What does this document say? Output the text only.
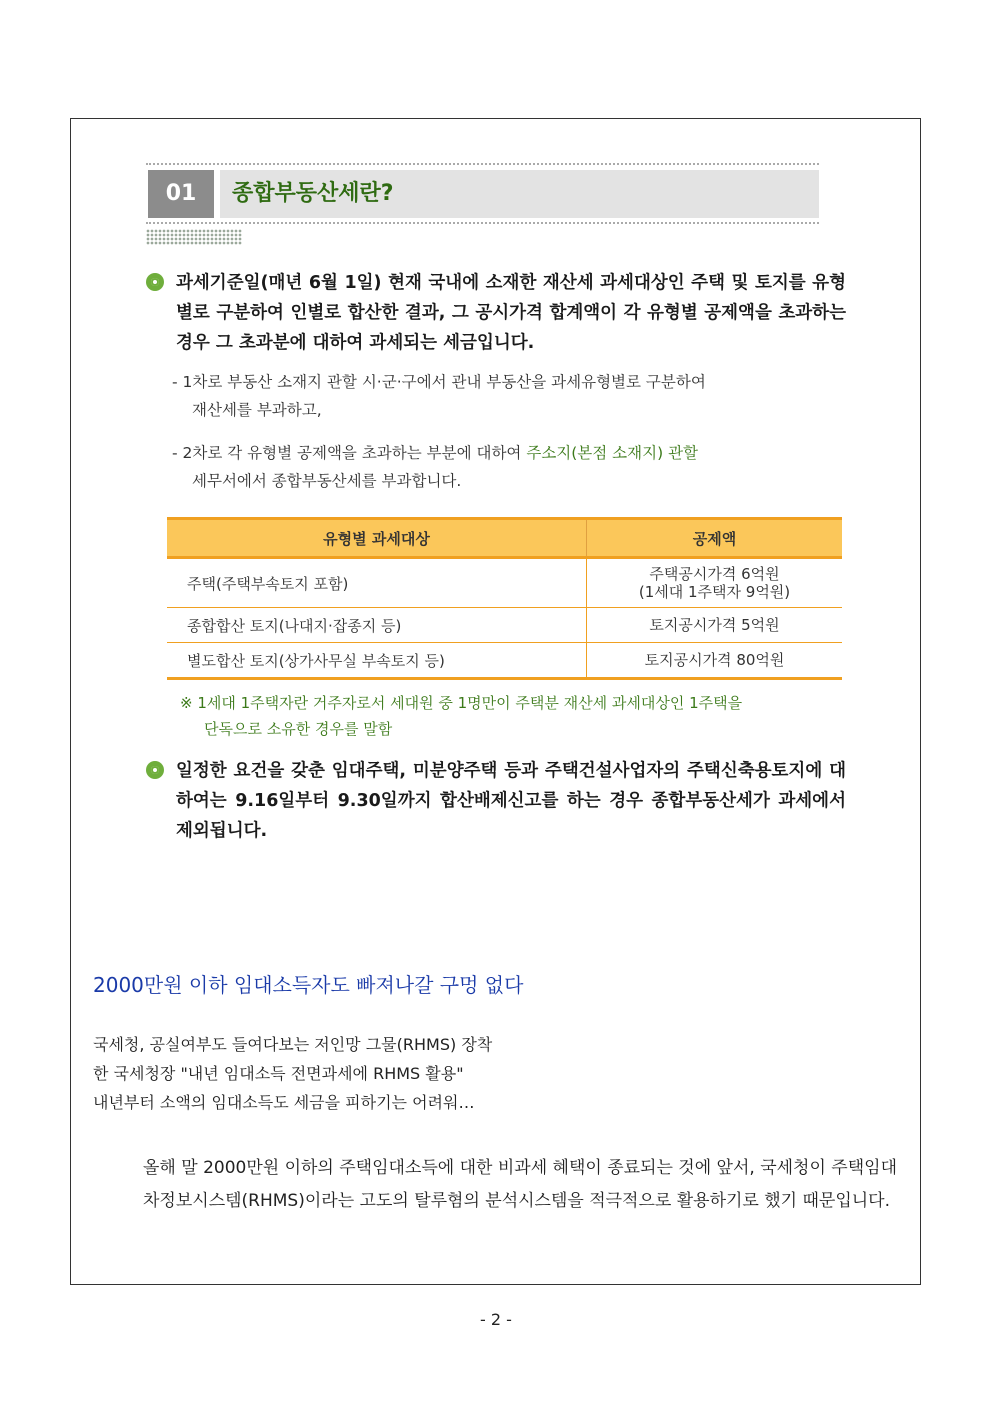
01	종합부동산세란?
과세기준일(매년 6월 1일) 현재 국내에 소재한 재산세 과세대상인 주택 및 토지를 유형별로 구분하여 인별로 합산한 결과, 그 공시가격 합계액이 각 유형별 공제액을 초과하는 경우 그 초과분에 대하여 과세되는 세금입니다.
- 1차로 부동산 소재지 관할 시·군·구에서 관내 부동산을 과세유형별로 구분하여
재산세를 부과하고,
- 2차로 각 유형별 공제액을 초과하는 부분에 대하여 주소지(본점 소재지) 관할
세무서에서 종합부동산세를 부과합니다.
유형별 과세대상	공제액
주택(주택부속토지 포함)	주택공시가격 6억원
(1세대 1주택자 9억원)

종합합산 토지(나대지·잡종지 등)	토지공시가격 5억원
별도합산 토지(상가사무실 부속토지 등)	토지공시가격 80억원
※ 1세대 1주택자란 거주자로서 세대원 중 1명만이 주택분 재산세 과세대상인 1주택을
단독으로 소유한 경우를 말함
일정한 요건을 갖춘 임대주택, 미분양주택 등과 주택건설사업자의 주택신축용토지에 대하여는 9.16일부터 9.30일까지 합산배제신고를 하는 경우 종합부동산세가 과세에서 제외됩니다.
2000만원 이하 임대소득자도 빠져나갈 구멍 없다
국세청, 공실여부도 들여다보는 저인망 그물(RHMS) 장착
한 국세청장 "내년 임대소득 전면과세에 RHMS 활용"
내년부터 소액의 임대소득도 세금을 피하기는 어려워…
올해 말 2000만원 이하의 주택임대소득에 대한 비과세 혜택이 종료되는 것에 앞서, 국세청이 주택임대차정보시스템(RHMS)이라는 고도의 탈루혐의 분석시스템을 적극적으로 활용하기로 했기 때문입니다.
- 2 -
